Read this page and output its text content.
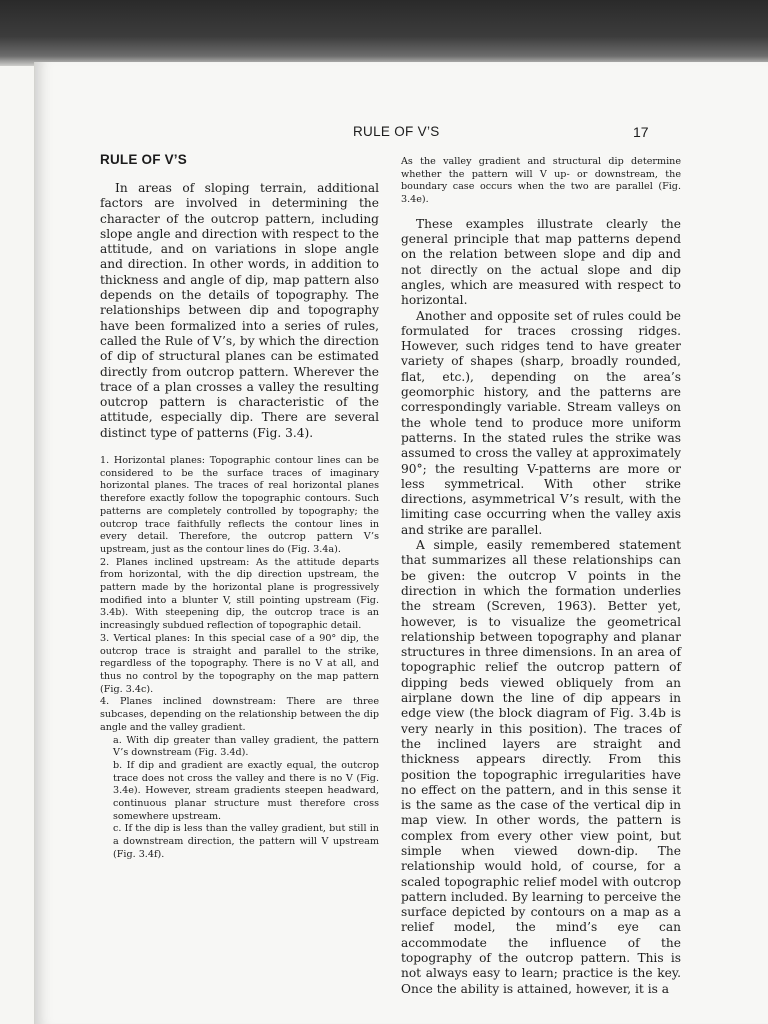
RULE OF V’S	17
RULE OF V’S

In areas of sloping terrain, additional factors are involved in determining the character of the outcrop pattern, including slope angle and direction with respect to the attitude, and on variations in slope angle and direction. In other words, in addition to thickness and angle of dip, map pattern also depends on the details of topography. The relationships between dip and topography have been formalized into a series of rules, called the Rule of V’s, by which the direction of dip of structural planes can be estimated directly from outcrop pattern. Wherever the trace of a plan crosses a valley the resulting outcrop pattern is characteristic of the attitude, especially dip. There are several distinct type of patterns (Fig. 3.4).

1. Horizontal planes: Topographic contour lines can be considered to be the surface traces of imaginary horizontal planes. The traces of real horizontal planes therefore exactly follow the topographic contours. Such patterns are completely controlled by topography; the outcrop trace faithfully reflects the contour lines in every detail. Therefore, the outcrop pattern V’s upstream, just as the contour lines do (Fig. 3.4a).

2. Planes inclined upstream: As the attitude departs from horizontal, with the dip direction upstream, the pattern made by the horizontal plane is progressively modified into a blunter V, still pointing upstream (Fig. 3.4b). With steepening dip, the outcrop trace is an increasingly subdued reflection of topographic detail.

3. Vertical planes: In this special case of a 90° dip, the outcrop trace is straight and parallel to the strike, regardless of the topography. There is no V at all, and thus no control by the topography on the map pattern (Fig. 3.4c).

4. Planes inclined downstream: There are three subcases, depending on the relationship between the dip angle and the valley gradient.

a. With dip greater than valley gradient, the pattern V’s downstream (Fig. 3.4d).

b. If dip and gradient are exactly equal, the outcrop trace does not cross the valley and there is no V (Fig. 3.4e). However, stream gradients steepen headward, continuous planar structure must therefore cross somewhere upstream.

c. If the dip is less than the valley gradient, but still in a downstream direction, the pattern will V upstream (Fig. 3.4f).

As the valley gradient and structural dip determine whether the pattern will V up- or downstream, the boundary case occurs when the two are parallel (Fig. 3.4e).

These examples illustrate clearly the general principle that map patterns depend on the relation between slope and dip and not directly on the actual slope and dip angles, which are measured with respect to horizontal.

Another and opposite set of rules could be formulated for traces crossing ridges. However, such ridges tend to have greater variety of shapes (sharp, broadly rounded, flat, etc.), depending on the area’s geomorphic history, and the patterns are correspondingly variable. Stream valleys on the whole tend to produce more uniform patterns. In the stated rules the strike was assumed to cross the valley at approximately 90°; the resulting V-patterns are more or less symmetrical. With other strike directions, asymmetrical V’s result, with the limiting case occurring when the valley axis and strike are parallel.

A simple, easily remembered statement that summarizes all these relationships can be given: the outcrop V points in the direction in which the formation underlies the stream (Screven, 1963). Better yet, however, is to visualize the geometrical relationship between topography and planar structures in three dimensions. In an area of topographic relief the outcrop pattern of dipping beds viewed obliquely from an airplane down the line of dip appears in edge view (the block diagram of Fig. 3.4b is very nearly in this position). The traces of the inclined layers are straight and thickness appears directly. From this position the topographic irregularities have no effect on the pattern, and in this sense it is the same as the case of the vertical dip in map view. In other words, the pattern is complex from every other view point, but simple when viewed down-dip. The relationship would hold, of course, for a scaled topographic relief model with outcrop pattern included. By learning to perceive the surface depicted by contours on a map as a relief model, the mind’s eye can accommodate the influence of the topography of the outcrop pattern. This is not always easy to learn; practice is the key. Once the ability is attained, however, it is a
